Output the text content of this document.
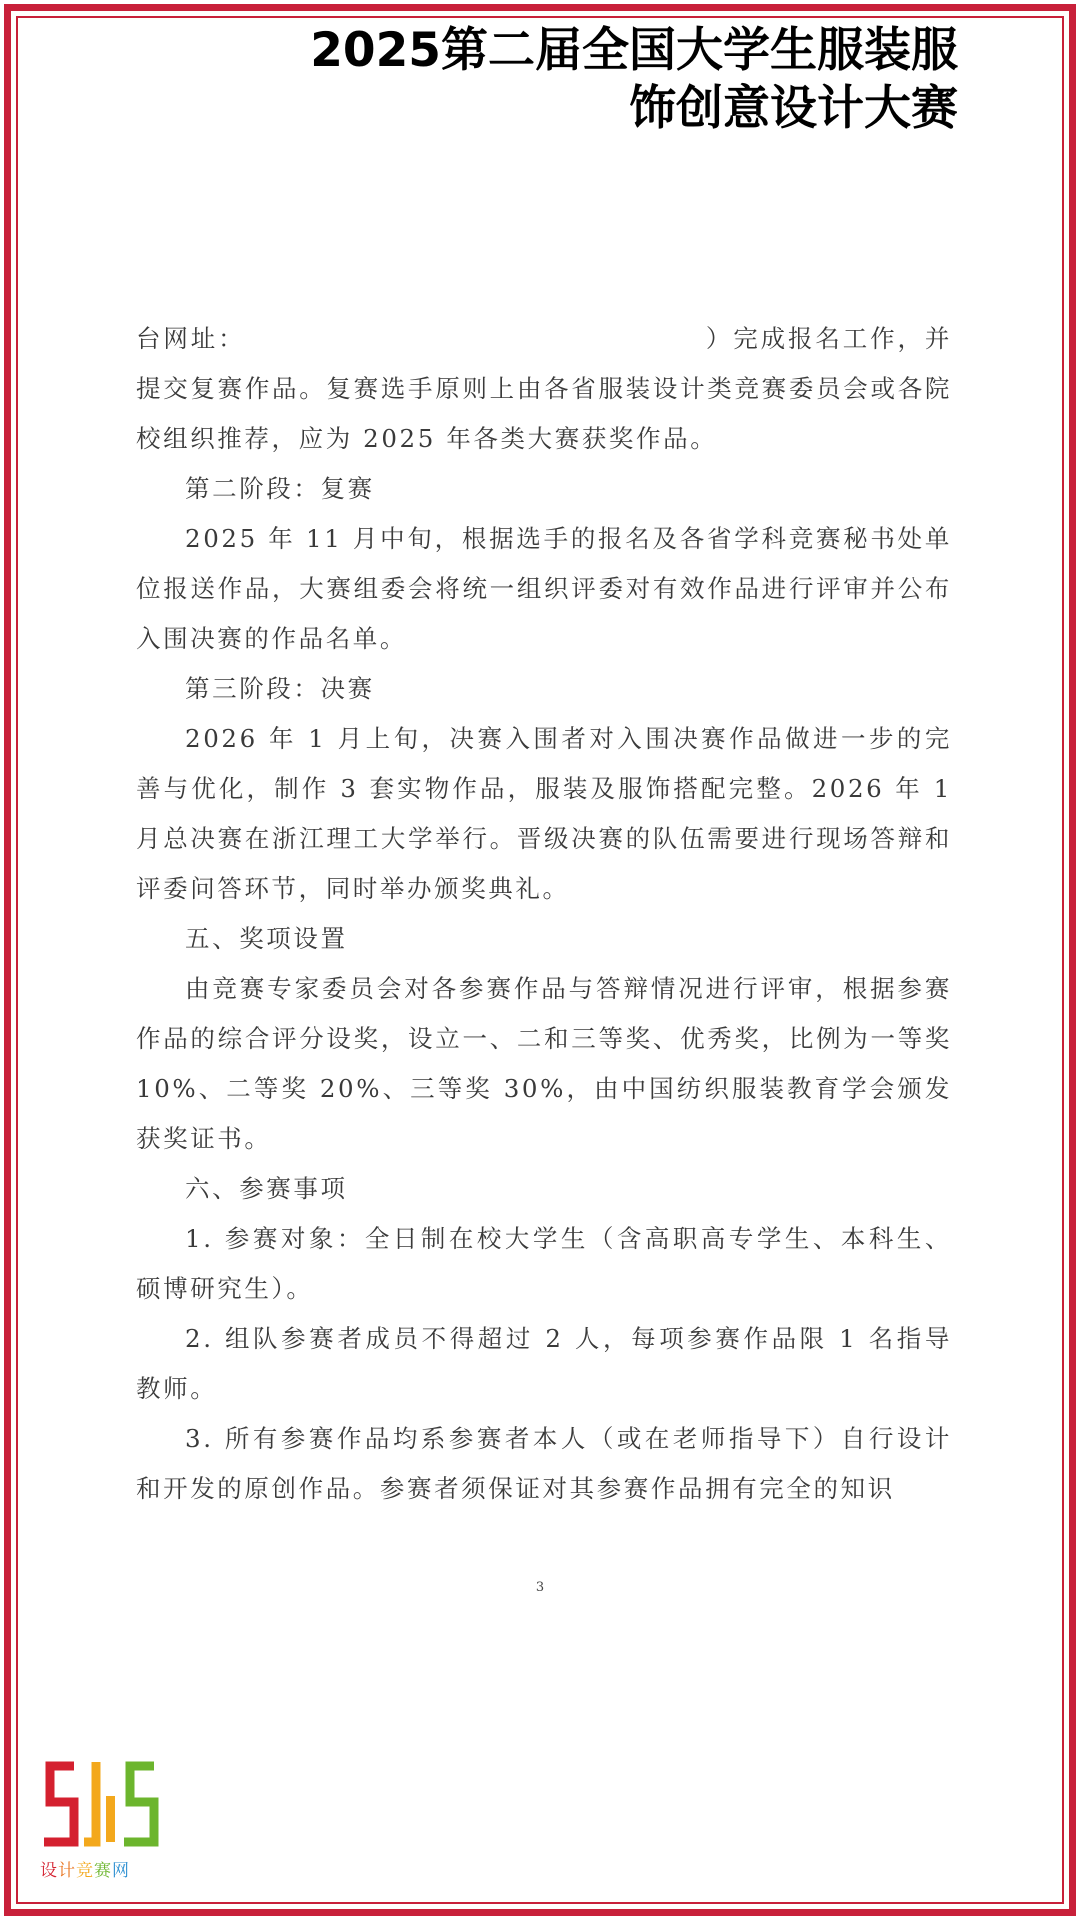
2025第二届全国大学生服装服
饰创意设计大赛

台网址：	）完成报名工作，并提交复赛作品。复赛选手原则上由各省服装设计类竞赛委员会或各院校组织推荐，应为 2025 年各类大赛获奖作品。

第二阶段：复赛

2025 年 11 月中旬，根据选手的报名及各省学科竞赛秘书处单位报送作品，大赛组委会将统一组织评委对有效作品进行评审并公布入围决赛的作品名单。

第三阶段：决赛

2026 年 1 月上旬，决赛入围者对入围决赛作品做进一步的完善与优化，制作 3 套实物作品，服装及服饰搭配完整。2026 年 1 月总决赛在浙江理工大学举行。晋级决赛的队伍需要进行现场答辩和评委问答环节，同时举办颁奖典礼。

五、奖项设置

由竞赛专家委员会对各参赛作品与答辩情况进行评审，根据参赛作品的综合评分设奖，设立一、二和三等奖、优秀奖，比例为一等奖 10%、二等奖 20%、三等奖 30%，由中国纺织服装教育学会颁发获奖证书。

六、参赛事项

1. 参赛对象：全日制在校大学生（含高职高专学生、本科生、硕博研究生）。

2. 组队参赛者成员不得超过 2 人，每项参赛作品限 1 名指导教师。

3. 所有参赛作品均系参赛者本人（或在老师指导下）自行设计和开发的原创作品。参赛者须保证对其参赛作品拥有完全的知识

3
设 计 竞 赛 网
